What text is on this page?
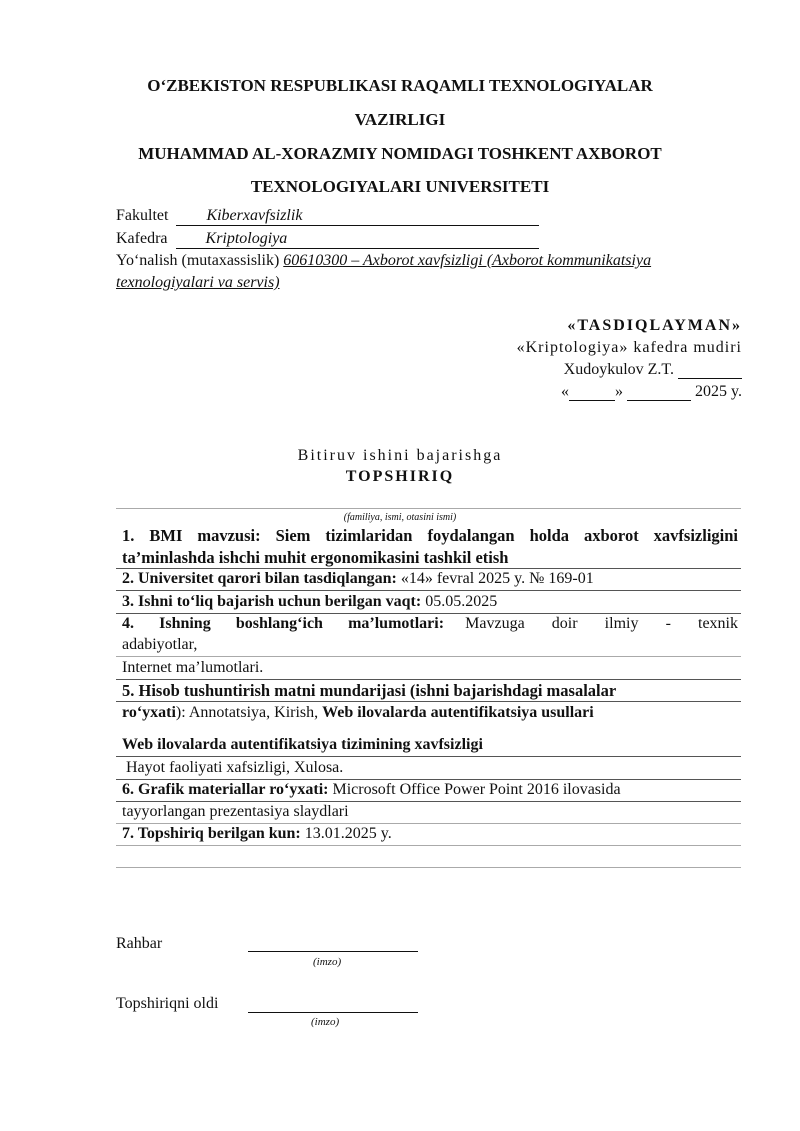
O‘ZBEKISTON RESPUBLIKASI RAQAMLI TEXNOLOGIYALAR
VAZIRLIGI
MUHAMMAD AL-XORAZMIY NOMIDAGI TOSHKENT AXBOROT
TEXNOLOGIYALARI UNIVERSITETI
Fakultet Kiberxavfsizlik
Kafedra Kriptologiya
Yo‘nalish (mutaxassislik) 60610300 – Axborot xavfsizligi (Axborot kommunikatsiya
texnologiyalari va servis)
«TASDIQLAYMAN»
«Kriptologiya» kafedra mudiri
Xudoykulov Z.T.
«	»	2025 y.
Bitiruv ishini bajarishga
TOPSHIRIQ
(familiya, ismi, otasini ismi)
1. BMI mavzusi: Siem tizimlaridan foydalangan holda axborot xavfsizligini
ta’minlashda ishchi muhit ergonomikasini tashkil etish
2. Universitet qarori bilan tasdiqlangan: «14» fevral 2025 y. № 169-01
3. Ishni to‘liq bajarish uchun berilgan vaqt: 05.05.2025
4. Ishning boshlang‘ich ma’lumotlari: Mavzuga doir ilmiy - texnik
adabiyotlar,
Internet ma’lumotlari.
5. Hisob tushuntirish matni mundarijasi (ishni bajarishdagi masalalar
ro‘yxati): Annotatsiya, Kirish, Web ilovalarda autentifikatsiya usullari
Web ilovalarda autentifikatsiya tizimining xavfsizligi
Hayot faoliyati xafsizligi, Xulosa.
6. Grafik materiallar ro‘yxati: Microsoft Office Power Point 2016 ilovasida
tayyorlangan prezentasiya slaydlari
7. Topshiriq berilgan kun: 13.01.2025 y.
Rahbar
(imzo)
Topshiriqni oldi
(imzo)
